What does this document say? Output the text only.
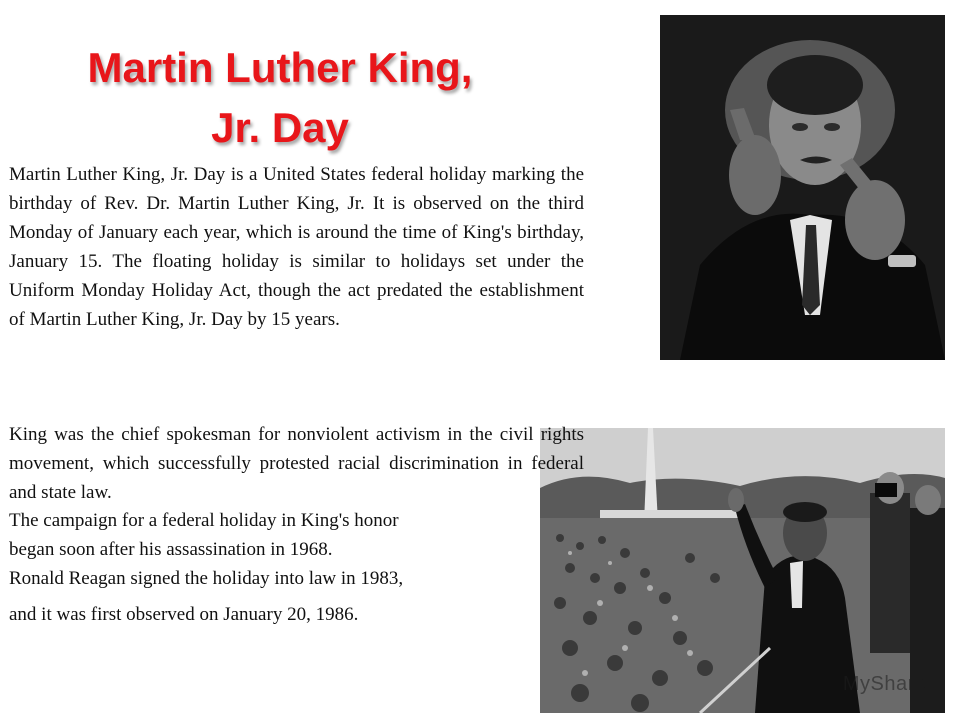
Martin Luther King,
Jr. Day

Martin Luther King, Jr. Day is a United States federal holiday marking the birthday of Rev. Dr. Martin Luther King, Jr. It is observed on the third Monday of January each year, which is around the time of King's birthday, January 15. The floating holiday is similar to holidays set under the Uniform Monday Holiday Act, though the act predated the establishment of Martin Luther King, Jr. Day by 15 years.

King was the chief spokesman for nonviolent activism in the civil rights movement, which successfully protested racial discrimination in federal and state law.

The campaign for a federal holiday in King's honor
began soon after his assassination in 1968.
Ronald Reagan signed the holiday into law in 1983,
and it was first observed on January 20, 1986.
MyShared
